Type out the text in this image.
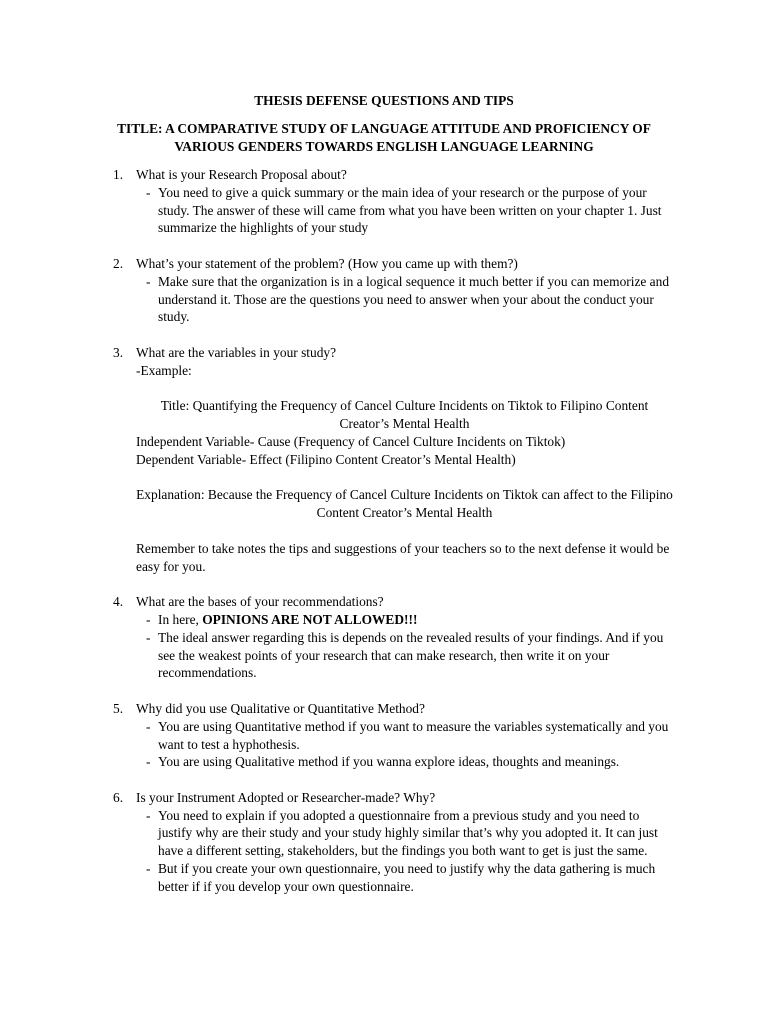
THESIS DEFENSE QUESTIONS AND TIPS
TITLE: A COMPARATIVE STUDY OF LANGUAGE ATTITUDE AND PROFICIENCY OF
VARIOUS GENDERS TOWARDS ENGLISH LANGUAGE LEARNING
1. What is your Research Proposal about?
- You need to give a quick summary or the main idea of your research or the purpose of your study. The answer of these will came from what you have been written on your chapter 1. Just summarize the highlights of your study
2. What’s your statement of the problem? (How you came up with them?)
- Make sure that the organization is in a logical sequence it much better if you can memorize and understand it. Those are the questions you need to answer when your about the conduct your study.
3. What are the variables in your study?
-Example:
Title: Quantifying the Frequency of Cancel Culture Incidents on Tiktok to Filipino Content Creator’s Mental Health
Independent Variable- Cause (Frequency of Cancel Culture Incidents on Tiktok)
Dependent Variable- Effect (Filipino Content Creator’s Mental Health)
Explanation: Because the Frequency of Cancel Culture Incidents on Tiktok can affect to the Filipino Content Creator’s Mental Health
Remember to take notes the tips and suggestions of your teachers so to the next defense it would be easy for you.
4. What are the bases of your recommendations?
- In here, OPINIONS ARE NOT ALLOWED!!!
- The ideal answer regarding this is depends on the revealed results of your findings. And if you see the weakest points of your research that can make research, then write it on your recommendations.
5. Why did you use Qualitative or Quantitative Method?
- You are using Quantitative method if you want to measure the variables systematically and you want to test a hyphothesis.
- You are using Qualitative method if you wanna explore ideas, thoughts and meanings.
6. Is your Instrument Adopted or Researcher-made? Why?
- You need to explain if you adopted a questionnaire from a previous study and you need to justify why are their study and your study highly similar that’s why you adopted it. It can just have a different setting, stakeholders, but the findings you both want to get is just the same.
- But if you create your own questionnaire, you need to justify why the data gathering is much better if if you develop your own questionnaire.
